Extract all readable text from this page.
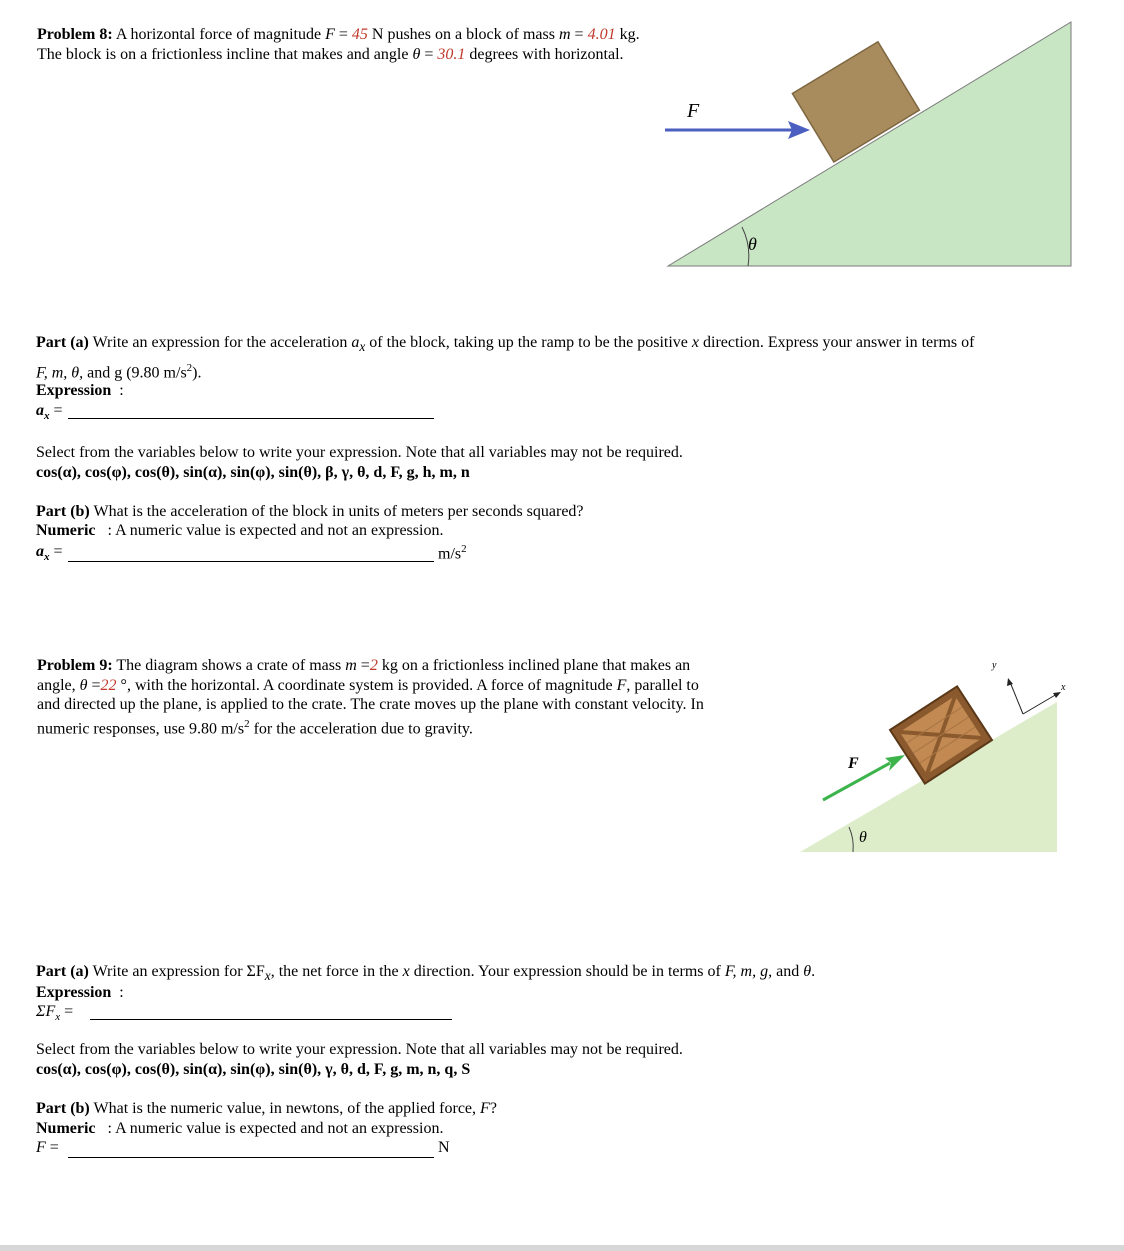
Problem 8: A horizontal force of magnitude F = 45 N pushes on a block of mass m = 4.01 kg. The block is on a frictionless incline that makes and angle θ = 30.1 degrees with horizontal.
F
θ
Part (a) Write an expression for the acceleration $a_x$ of the block, taking up the ramp to be the positive x direction. Express your answer in terms of
F, m, θ, and g (9.80 $m/s^2$).
Expression :
$a_x$ =
Select from the variables below to write your expression. Note that all variables may not be required.
cos(α), cos(φ), cos(θ), sin(α), sin(φ), sin(θ), β, γ, θ, d, F, g, h, m, n
Part (b) What is the acceleration of the block in units of meters per seconds squared?
Numeric   : A numeric value is expected and not an expression.
$a_x$ =	$m/s^2$
Problem 9: The diagram shows a crate of mass m =2 kg on a frictionless inclined plane that makes an
angle, θ =22 °, with the horizontal. A coordinate system is provided. A force of magnitude F, parallel to
and directed up the plane, is applied to the crate. The crate moves up the plane with constant velocity. In
numeric responses, use 9.80 $m/s^2$ for the acceleration due to gravity.
F
θ
x
y
Part (a) Write an expression for $\Sigma F_x$, the net force in the x direction. Your expression should be in terms of F, m, g, and θ.
Expression :
$\Sigma F_x$ =
Select from the variables below to write your expression. Note that all variables may not be required.
cos(α), cos(φ), cos(θ), sin(α), sin(φ), sin(θ), γ, θ, d, F, g, m, n, q, S
Part (b) What is the numeric value, in newtons, of the applied force, F?
Numeric   : A numeric value is expected and not an expression.
F =	N
